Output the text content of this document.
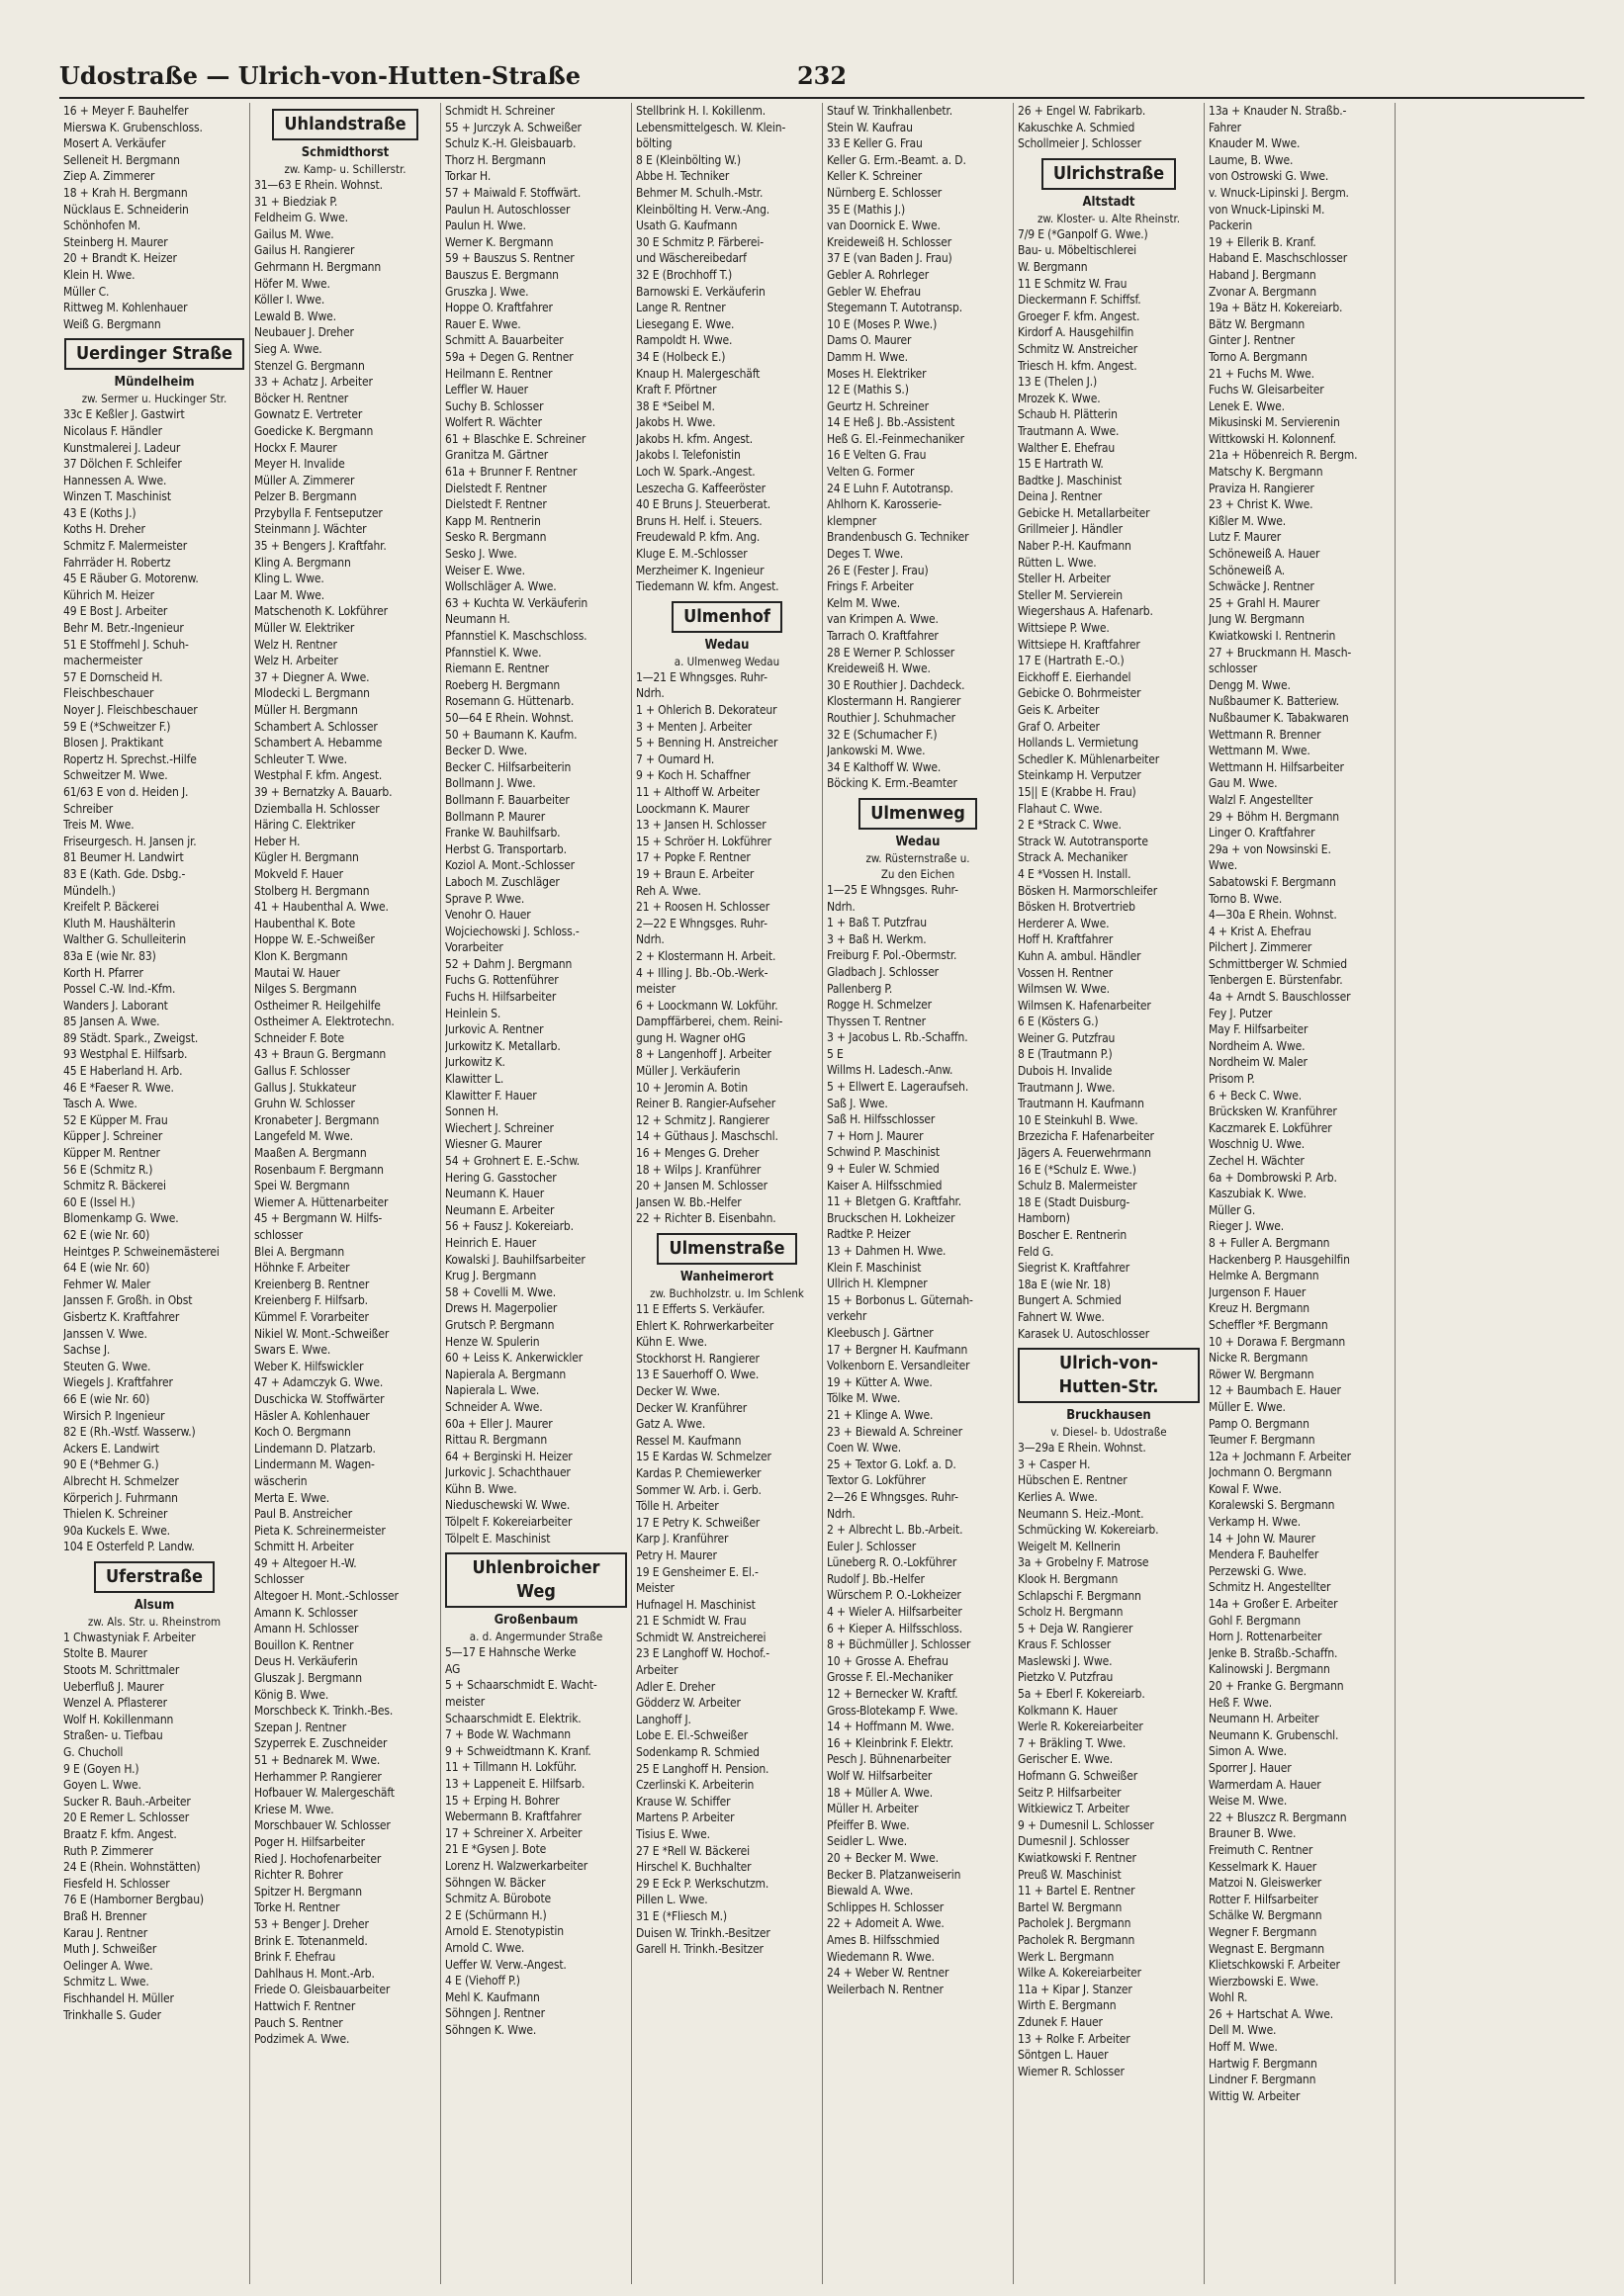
Udostraße — Ulrich-von-Hutten-Straße	232
16 + Meyer F. Bauhelfer
Mierswa K. Grubenschloss.
Mosert A. Verkäufer
Selleneit H. Bergmann
Ziep A. Zimmerer
18 + Krah H. Bergmann
Nücklaus E. Schneiderin
Schönhofen M.
Steinberg H. Maurer
20 + Brandt K. Heizer
Klein H. Wwe.
Müller C.
Rittweg M. Kohlenhauer
Weiß G. Bergmann
Uerdinger Straße
Mündelheim
zw. Sermer u. Huckinger Str.
33c E Keßler J. Gastwirt
Nicolaus F. Händler
Kunstmalerei J. Ladeur
37 Dölchen F. Schleifer
Hannessen A. Wwe.
Winzen T. Maschinist
43 E (Koths J.)
Koths H. Dreher
Schmitz F. Malermeister
Fahrräder H. Robertz
45 E Räuber G. Motorenw.
Kührich M. Heizer
49 E Bost J. Arbeiter
Behr M. Betr.-Ingenieur
51 E Stoffmehl J. Schuh-
machermeister
57 E Dornscheid H.
Fleischbeschauer
Noyer J. Fleischbeschauer
59 E (*Schweitzer F.)
Blosen J. Praktikant
Ropertz H. Sprechst.-Hilfe
Schweitzer M. Wwe.
61/63 E von d. Heiden J.
Schreiber
Treis M. Wwe.
Friseurgesch. H. Jansen jr.
81 Beumer H. Landwirt
83 E (Kath. Gde. Dsbg.-
Mündelh.)
Kreifelt P. Bäckerei
Kluth M. Haushälterin
Walther G. Schulleiterin
83a E (wie Nr. 83)
Korth H. Pfarrer
Possel C.-W. Ind.-Kfm.
Wanders J. Laborant
85 Jansen A. Wwe.
89 Städt. Spark., Zweigst.
93 Westphal E. Hilfsarb.
45 E Haberland H. Arb.
46 E *Faeser R. Wwe.
Tasch A. Wwe.
52 E Küpper M. Frau
Küpper J. Schreiner
Küpper M. Rentner
56 E (Schmitz R.)
Schmitz R. Bäckerei
60 E (Issel H.)
Blomenkamp G. Wwe.
62 E (wie Nr. 60)
Heintges P. Schweinemästerei
64 E (wie Nr. 60)
Fehmer W. Maler
Janssen F. Großh. in Obst
Gisbertz K. Kraftfahrer
Janssen V. Wwe.
Sachse J.
Steuten G. Wwe.
Wiegels J. Kraftfahrer
66 E (wie Nr. 60)
Wirsich P. Ingenieur
82 E (Rh.-Wstf. Wasserw.)
Ackers E. Landwirt
90 E (*Behmer G.)
Albrecht H. Schmelzer
Körperich J. Fuhrmann
Thielen K. Schreiner
90a Kuckels E. Wwe.
104 E Osterfeld P. Landw.
Uferstraße
Alsum
zw. Als. Str. u. Rheinstrom
1 Chwastyniak F. Arbeiter
Stolte B. Maurer
Stoots M. Schrittmaler
Ueberfluß J. Maurer
Wenzel A. Pflasterer
Wolf H. Kokillenmann
Straßen- u. Tiefbau
G. Chucholl
9 E (Goyen H.)
Goyen L. Wwe.
Sucker R. Bauh.-Arbeiter
20 E Remer L. Schlosser
Braatz F. kfm. Angest.
Ruth P. Zimmerer
24 E (Rhein. Wohnstätten)
Fiesfeld H. Schlosser
76 E (Hamborner Bergbau)
Braß H. Brenner
Karau J. Rentner
Muth J. Schweißer
Oelinger A. Wwe.
Schmitz L. Wwe.
Fischhandel H. Müller
Trinkhalle S. Guder
Uhlandstraße
Schmidthorst
zw. Kamp- u. Schillerstr.
31—63 E Rhein. Wohnst.
31 + Biedziak P.
Feldheim G. Wwe.
Gailus M. Wwe.
Gailus H. Rangierer
Gehrmann H. Bergmann
Höfer M. Wwe.
Köller I. Wwe.
Lewald B. Wwe.
Neubauer J. Dreher
Sieg A. Wwe.
Stenzel G. Bergmann
33 + Achatz J. Arbeiter
Böcker H. Rentner
Gownatz E. Vertreter
Goedicke K. Bergmann
Hockx F. Maurer
Meyer H. Invalide
Müller A. Zimmerer
Pelzer B. Bergmann
Przybylla F. Fentseputzer
Steinmann J. Wächter
35 + Bengers J. Kraftfahr.
Kling A. Bergmann
Kling L. Wwe.
Laar M. Wwe.
Matschenoth K. Lokführer
Müller W. Elektriker
Welz H. Rentner
Welz H. Arbeiter
37 + Diegner A. Wwe.
Mlodecki L. Bergmann
Müller H. Bergmann
Schambert A. Schlosser
Schambert A. Hebamme
Schleuter T. Wwe.
Westphal F. kfm. Angest.
39 + Bernatzky A. Bauarb.
Dziemballa H. Schlosser
Häring C. Elektriker
Heber H.
Kügler H. Bergmann
Mokveld F. Hauer
Stolberg H. Bergmann
41 + Haubenthal A. Wwe.
Haubenthal K. Bote
Hoppe W. E.-Schweißer
Klon K. Bergmann
Mautai W. Hauer
Nilges S. Bergmann
Ostheimer R. Heilgehilfe
Ostheimer A. Elektrotechn.
Schneider F. Bote
43 + Braun G. Bergmann
Gallus F. Schlosser
Gallus J. Stukkateur
Gruhn W. Schlosser
Kronabeter J. Bergmann
Langefeld M. Wwe.
Maaßen A. Bergmann
Rosenbaum F. Bergmann
Spei W. Bergmann
Wiemer A. Hüttenarbeiter
45 + Bergmann W. Hilfs-
schlosser
Blei A. Bergmann
Höhnke F. Arbeiter
Kreienberg B. Rentner
Kreienberg F. Hilfsarb.
Kümmel F. Vorarbeiter
Nikiel W. Mont.-Schweißer
Swars E. Wwe.
Weber K. Hilfswickler
47 + Adamczyk G. Wwe.
Duschicka W. Stoffwärter
Häsler A. Kohlenhauer
Koch O. Bergmann
Lindemann D. Platzarb.
Lindermann M. Wagen-
wäscherin
Merta E. Wwe.
Paul B. Anstreicher
Pieta K. Schreinermeister
Schmitt H. Arbeiter
49 + Altegoer H.-W.
Schlosser
Altegoer H. Mont.-Schlosser
Amann K. Schlosser
Amann H. Schlosser
Bouillon K. Rentner
Deus H. Verkäuferin
Gluszak J. Bergmann
König B. Wwe.
Morschbeck K. Trinkh.-Bes.
Szepan J. Rentner
Szyperrek E. Zuschneider
51 + Bednarek M. Wwe.
Herhammer P. Rangierer
Hofbauer W. Malergeschäft
Kriese M. Wwe.
Morschbauer W. Schlosser
Poger H. Hilfsarbeiter
Ried J. Hochofenarbeiter
Richter R. Bohrer
Spitzer H. Bergmann
Torke H. Rentner
53 + Benger J. Dreher
Brink E. Totenanmeld.
Brink F. Ehefrau
Dahlhaus H. Mont.-Arb.
Friede O. Gleisbauarbeiter
Hattwich F. Rentner
Pauch S. Rentner
Podzimek A. Wwe.
Schmidt H. Schreiner
55 + Jurczyk A. Schweißer
Schulz K.-H. Gleisbauarb.
Thorz H. Bergmann
Torkar H.
57 + Maiwald F. Stoffwärt.
Paulun H. Autoschlosser
Paulun H. Wwe.
Werner K. Bergmann
59 + Bauszus S. Rentner
Bauszus E. Bergmann
Gruszka J. Wwe.
Hoppe O. Kraftfahrer
Rauer E. Wwe.
Schmitt A. Bauarbeiter
59a + Degen G. Rentner
Heilmann E. Rentner
Leffler W. Hauer
Suchy B. Schlosser
Wolfert R. Wächter
61 + Blaschke E. Schreiner
Granitza M. Gärtner
61a + Brunner F. Rentner
Dielstedt F. Rentner
Dielstedt F. Rentner
Kapp M. Rentnerin
Sesko R. Bergmann
Sesko J. Wwe.
Weiser E. Wwe.
Wollschläger A. Wwe.
63 + Kuchta W. Verkäuferin
Neumann H.
Pfannstiel K. Maschschloss.
Pfannstiel K. Wwe.
Riemann E. Rentner
Roeberg H. Bergmann
Rosemann G. Hüttenarb.
50—64 E Rhein. Wohnst.
50 + Baumann K. Kaufm.
Becker D. Wwe.
Becker C. Hilfsarbeiterin
Bollmann J. Wwe.
Bollmann F. Bauarbeiter
Bollmann P. Maurer
Franke W. Bauhilfsarb.
Herbst G. Transportarb.
Koziol A. Mont.-Schlosser
Laboch M. Zuschläger
Sprave P. Wwe.
Venohr O. Hauer
Wojciechowski J. Schloss.-
Vorarbeiter
52 + Dahm J. Bergmann
Fuchs G. Rottenführer
Fuchs H. Hilfsarbeiter
Heinlein S.
Jurkovic A. Rentner
Jurkowitz K. Metallarb.
Jurkowitz K.
Klawitter L.
Klawitter F. Hauer
Sonnen H.
Wiechert J. Schreiner
Wiesner G. Maurer
54 + Grohnert E. E.-Schw.
Hering G. Gasstocher
Neumann K. Hauer
Neumann E. Arbeiter
56 + Fausz J. Kokereiarb.
Heinrich E. Hauer
Kowalski J. Bauhilfsarbeiter
Krug J. Bergmann
58 + Covelli M. Wwe.
Drews H. Magerpolier
Grutsch P. Bergmann
Henze W. Spulerin
60 + Leiss K. Ankerwickler
Napierala A. Bergmann
Napierala L. Wwe.
Schneider A. Wwe.
60a + Eller J. Maurer
Rittau R. Bergmann
64 + Berginski H. Heizer
Jurkovic J. Schachthauer
Kühn B. Wwe.
Nieduschewski W. Wwe.
Tölpelt F. Kokereiarbeiter
Tölpelt E. Maschinist
Uhlenbroicher Weg
Großenbaum
a. d. Angermunder Straße
5—17 E Hahnsche Werke
AG
5 + Schaarschmidt E. Wacht-
meister
Schaarschmidt E. Elektrik.
7 + Bode W. Wachmann
9 + Schweidtmann K. Kranf.
11 + Tillmann H. Lokführ.
13 + Lappeneit E. Hilfsarb.
15 + Erping H. Bohrer
Webermann B. Kraftfahrer
17 + Schreiner X. Arbeiter
21 E *Gysen J. Bote
Lorenz H. Walzwerkarbeiter
Söhngen W. Bäcker
Schmitz A. Bürobote
2 E (Schürmann H.)
Arnold E. Stenotypistin
Arnold C. Wwe.
Ueffer W. Verw.-Angest.
4 E (Viehoff P.)
Mehl K. Kaufmann
Söhngen J. Rentner
Söhngen K. Wwe.
Stellbrink H. I. Kokillenm.
Lebensmittelgesch. W. Klein-
bölting
8 E (Kleinbölting W.)
Abbe H. Techniker
Behmer M. Schulh.-Mstr.
Kleinbölting H. Verw.-Ang.
Usath G. Kaufmann
30 E Schmitz P. Färberei-
und Wäschereibedarf
32 E (Brochhoff T.)
Barnowski E. Verkäuferin
Lange R. Rentner
Liesegang E. Wwe.
Rampoldt H. Wwe.
34 E (Holbeck E.)
Knaup H. Malergeschäft
Kraft F. Pförtner
38 E *Seibel M.
Jakobs H. Wwe.
Jakobs H. kfm. Angest.
Jakobs I. Telefonistin
Loch W. Spark.-Angest.
Leszecha G. Kaffeeröster
40 E Bruns J. Steuerberat.
Bruns H. Helf. i. Steuers.
Freudewald P. kfm. Ang.
Kluge E. M.-Schlosser
Merzheimer K. Ingenieur
Tiedemann W. kfm. Angest.
Ulmenhof
Wedau
a. Ulmenweg Wedau
1—21 E Whngsges. Ruhr-
Ndrh.
1 + Ohlerich B. Dekorateur
3 + Menten J. Arbeiter
5 + Benning H. Anstreicher
7 + Oumard H.
9 + Koch H. Schaffner
11 + Althoff W. Arbeiter
Loockmann K. Maurer
13 + Jansen H. Schlosser
15 + Schröer H. Lokführer
17 + Popke F. Rentner
19 + Braun E. Arbeiter
Reh A. Wwe.
21 + Roosen H. Schlosser
2—22 E Whngsges. Ruhr-
Ndrh.
2 + Klostermann H. Arbeit.
4 + Illing J. Bb.-Ob.-Werk-
meister
6 + Loockmann W. Lokführ.
Dampffärberei, chem. Reini-
gung H. Wagner oHG
8 + Langenhoff J. Arbeiter
Müller J. Verkäuferin
10 + Jeromin A. Botin
Reiner B. Rangier-Aufseher
12 + Schmitz J. Rangierer
14 + Güthaus J. Maschschl.
16 + Menges G. Dreher
18 + Wilps J. Kranführer
20 + Jansen M. Schlosser
Jansen W. Bb.-Helfer
22 + Richter B. Eisenbahn.
Ulmenstraße
Wanheimerort
zw. Buchholzstr. u. Im Schlenk
11 E Efferts S. Verkäufer.
Ehlert K. Rohrwerkarbeiter
Kühn E. Wwe.
Stockhorst H. Rangierer
13 E Sauerhoff O. Wwe.
Decker W. Wwe.
Decker W. Kranführer
Gatz A. Wwe.
Ressel M. Kaufmann
15 E Kardas W. Schmelzer
Kardas P. Chemiewerker
Sommer W. Arb. i. Gerb.
Tölle H. Arbeiter
17 E Petry K. Schweißer
Karp J. Kranführer
Petry H. Maurer
19 E Gensheimer E. El.-
Meister
Hufnagel H. Maschinist
21 E Schmidt W. Frau
Schmidt W. Anstreicherei
23 E Langhoff W. Hochof.-
Arbeiter
Adler E. Dreher
Gödderz W. Arbeiter
Langhoff J.
Lobe E. El.-Schweißer
Sodenkamp R. Schmied
25 E Langhoff H. Pension.
Czerlinski K. Arbeiterin
Krause W. Schiffer
Martens P. Arbeiter
Tisius E. Wwe.
27 E *Rell W. Bäckerei
Hirschel K. Buchhalter
29 E Eck P. Werkschutzm.
Pillen L. Wwe.
31 E (*Fliesch M.)
Duisen W. Trinkh.-Besitzer
Garell H. Trinkh.-Besitzer
Stauf W. Trinkhallenbetr.
Stein W. Kaufrau
33 E Keller G. Frau
Keller G. Erm.-Beamt. a. D.
Keller K. Schreiner
Nürnberg E. Schlosser
35 E (Mathis J.)
van Doornick E. Wwe.
Kreideweiß H. Schlosser
37 E (van Baden J. Frau)
Gebler A. Rohrleger
Gebler W. Ehefrau
Stegemann T. Autotransp.
10 E (Moses P. Wwe.)
Dams O. Maurer
Damm H. Wwe.
Moses H. Elektriker
12 E (Mathis S.)
Geurtz H. Schreiner
14 E Heß J. Bb.-Assistent
Heß G. El.-Feinmechaniker
16 E Velten G. Frau
Velten G. Former
24 E Luhn F. Autotransp.
Ahlhorn K. Karosserie-
klempner
Brandenbusch G. Techniker
Deges T. Wwe.
26 E (Fester J. Frau)
Frings F. Arbeiter
Kelm M. Wwe.
van Krimpen A. Wwe.
Tarrach O. Kraftfahrer
28 E Werner P. Schlosser
Kreideweiß H. Wwe.
30 E Routhier J. Dachdeck.
Klostermann H. Rangierer
Routhier J. Schuhmacher
32 E (Schumacher F.)
Jankowski M. Wwe.
34 E Kalthoff W. Wwe.
Böcking K. Erm.-Beamter
Ulmenweg
Wedau
zw. Rüsternstraße u.
Zu den Eichen
1—25 E Whngsges. Ruhr-
Ndrh.
1 + Baß T. Putzfrau
3 + Baß H. Werkm.
Freiburg F. Pol.-Obermstr.
Gladbach J. Schlosser
Pallenberg P.
Rogge H. Schmelzer
Thyssen T. Rentner
3 + Jacobus L. Rb.-Schaffn.
5 E
Willms H. Ladesch.-Anw.
5 + Ellwert E. Lageraufseh.
Saß J. Wwe.
Saß H. Hilfsschlosser
7 + Horn J. Maurer
Schwind P. Maschinist
9 + Euler W. Schmied
Kaiser A. Hilfsschmied
11 + Bletgen G. Kraftfahr.
Bruckschen H. Lokheizer
Radtke P. Heizer
13 + Dahmen H. Wwe.
Klein F. Maschinist
Ullrich H. Klempner
15 + Borbonus L. Güternah-
verkehr
Kleebusch J. Gärtner
17 + Bergner H. Kaufmann
Volkenborn E. Versandleiter
19 + Kütter A. Wwe.
Tölke M. Wwe.
21 + Klinge A. Wwe.
23 + Biewald A. Schreiner
Coen W. Wwe.
25 + Textor G. Lokf. a. D.
Textor G. Lokführer
2—26 E Whngsges. Ruhr-
Ndrh.
2 + Albrecht L. Bb.-Arbeit.
Euler J. Schlosser
Lüneberg R. O.-Lokführer
Rudolf J. Bb.-Helfer
Würschem P. O.-Lokheizer
4 + Wieler A. Hilfsarbeiter
6 + Kieper A. Hilfsschloss.
8 + Büchmüller J. Schlosser
10 + Grosse A. Ehefrau
Grosse F. El.-Mechaniker
12 + Bernecker W. Kraftf.
Gross-Blotekamp F. Wwe.
14 + Hoffmann M. Wwe.
16 + Kleinbrink F. Elektr.
Pesch J. Bühnenarbeiter
Wolf W. Hilfsarbeiter
18 + Müller A. Wwe.
Müller H. Arbeiter
Pfeiffer B. Wwe.
Seidler L. Wwe.
20 + Becker M. Wwe.
Becker B. Platzanweiserin
Biewald A. Wwe.
Schlippes H. Schlosser
22 + Adomeit A. Wwe.
Ames B. Hilfsschmied
Wiedemann R. Wwe.
24 + Weber W. Rentner
Weilerbach N. Rentner
26 + Engel W. Fabrikarb.
Kakuschke A. Schmied
Schollmeier J. Schlosser
Ulrichstraße
Altstadt
zw. Kloster- u. Alte Rheinstr.
7/9 E (*Ganpolf G. Wwe.)
Bau- u. Möbeltischlerei
W. Bergmann
11 E Schmitz W. Frau
Dieckermann F. Schiffsf.
Groeger F. kfm. Angest.
Kirdorf A. Hausgehilfin
Schmitz W. Anstreicher
Triesch H. kfm. Angest.
13 E (Thelen J.)
Mrozek K. Wwe.
Schaub H. Plätterin
Trautmann A. Wwe.
Walther E. Ehefrau
15 E Hartrath W.
Badtke J. Maschinist
Deina J. Rentner
Gebicke H. Metallarbeiter
Grillmeier J. Händler
Naber P.-H. Kaufmann
Rütten L. Wwe.
Steller H. Arbeiter
Steller M. Servierein
Wiegershaus A. Hafenarb.
Wittsiepe P. Wwe.
Wittsiepe H. Kraftfahrer
17 E (Hartrath E.-O.)
Eickhoff E. Eierhandel
Gebicke O. Bohrmeister
Geis K. Arbeiter
Graf O. Arbeiter
Hollands L. Vermietung
Schedler K. Mühlenarbeiter
Steinkamp H. Verputzer
15|| E (Krabbe H. Frau)
Flahaut C. Wwe.
2 E *Strack C. Wwe.
Strack W. Autotransporte
Strack A. Mechaniker
4 E *Vossen H. Install.
Bösken H. Marmorschleifer
Bösken H. Brotvertrieb
Herderer A. Wwe.
Hoff H. Kraftfahrer
Kuhn A. ambul. Händler
Vossen H. Rentner
Wilmsen W. Wwe.
Wilmsen K. Hafenarbeiter
6 E (Kösters G.)
Weiner G. Putzfrau
8 E (Trautmann P.)
Dubois H. Invalide
Trautmann J. Wwe.
Trautmann H. Kaufmann
10 E Steinkuhl B. Wwe.
Brzezicha F. Hafenarbeiter
Jägers A. Feuerwehrmann
16 E (*Schulz E. Wwe.)
Schulz B. Malermeister
18 E (Stadt Duisburg-
Hamborn)
Boscher E. Rentnerin
Feld G.
Siegrist K. Kraftfahrer
18a E (wie Nr. 18)
Bungert A. Schmied
Fahnert W. Wwe.
Karasek U. Autoschlosser
Ulrich-von-Hutten-Str.
Bruckhausen
v. Diesel- b. Udostraße
3—29a E Rhein. Wohnst.
3 + Casper H.
Hübschen E. Rentner
Kerlies A. Wwe.
Neumann S. Heiz.-Mont.
Schmücking W. Kokereiarb.
Weigelt M. Kellnerin
3a + Grobelny F. Matrose
Klook H. Bergmann
Schlapschi F. Bergmann
Scholz H. Bergmann
5 + Deja W. Rangierer
Kraus F. Schlosser
Maslewski J. Wwe.
Pietzko V. Putzfrau
5a + Eberl F. Kokereiarb.
Kolkmann K. Hauer
Werle R. Kokereiarbeiter
7 + Bräkling T. Wwe.
Gerischer E. Wwe.
Hofmann G. Schweißer
Seitz P. Hilfsarbeiter
Witkiewicz T. Arbeiter
9 + Dumesnil L. Schlosser
Dumesnil J. Schlosser
Kwiatkowski F. Rentner
Preuß W. Maschinist
11 + Bartel E. Rentner
Bartel W. Bergmann
Pacholek J. Bergmann
Pacholek R. Bergmann
Werk L. Bergmann
Wilke A. Kokereiarbeiter
11a + Kipar J. Stanzer
Wirth E. Bergmann
Zdunek F. Hauer
13 + Rolke F. Arbeiter
Söntgen L. Hauer
Wiemer R. Schlosser
13a + Knauder N. Straßb.-
Fahrer
Knauder M. Wwe.
Laume, B. Wwe.
von Ostrowski G. Wwe.
v. Wnuck-Lipinski J. Bergm.
von Wnuck-Lipinski M.
Packerin
19 + Ellerik B. Kranf.
Haband E. Maschschlosser
Haband J. Bergmann
Zvonar A. Bergmann
19a + Bätz H. Kokereiarb.
Bätz W. Bergmann
Ginter J. Rentner
Torno A. Bergmann
21 + Fuchs M. Wwe.
Fuchs W. Gleisarbeiter
Lenek E. Wwe.
Mikusinski M. Servierenin
Wittkowski H. Kolonnenf.
21a + Höbenreich R. Bergm.
Matschy K. Bergmann
Praviza H. Rangierer
23 + Christ K. Wwe.
Kißler M. Wwe.
Lutz F. Maurer
Schöneweiß A. Hauer
Schöneweiß A.
Schwäcke J. Rentner
25 + Grahl H. Maurer
Jung W. Bergmann
Kwiatkowski I. Rentnerin
27 + Bruckmann H. Masch-
schlosser
Dengg M. Wwe.
Nußbaumer K. Batteriew.
Nußbaumer K. Tabakwaren
Wettmann R. Brenner
Wettmann M. Wwe.
Wettmann H. Hilfsarbeiter
Gau M. Wwe.
Walzl F. Angestellter
29 + Böhm H. Bergmann
Linger O. Kraftfahrer
29a + von Nowsinski E.
Wwe.
Sabatowski F. Bergmann
Torno B. Wwe.
4—30a E Rhein. Wohnst.
4 + Krist A. Ehefrau
Pilchert J. Zimmerer
Schmittberger W. Schmied
Tenbergen E. Bürstenfabr.
4a + Arndt S. Bauschlosser
Fey J. Putzer
May F. Hilfsarbeiter
Nordheim A. Wwe.
Nordheim W. Maler
Prisom P.
6 + Beck C. Wwe.
Brücksken W. Kranführer
Kaczmarek E. Lokführer
Woschnig U. Wwe.
Zechel H. Wächter
6a + Dombrowski P. Arb.
Kaszubiak K. Wwe.
Müller G.
Rieger J. Wwe.
8 + Fuller A. Bergmann
Hackenberg P. Hausgehilfin
Helmke A. Bergmann
Jurgenson F. Hauer
Kreuz H. Bergmann
Scheffler *F. Bergmann
10 + Dorawa F. Bergmann
Nicke R. Bergmann
Röwer W. Bergmann
12 + Baumbach E. Hauer
Müller E. Wwe.
Pamp O. Bergmann
Teumer F. Bergmann
12a + Jochmann F. Arbeiter
Jochmann O. Bergmann
Kowal F. Wwe.
Koralewski S. Bergmann
Verkamp H. Wwe.
14 + John W. Maurer
Mendera F. Bauhelfer
Perzewski G. Wwe.
Schmitz H. Angestellter
14a + Großer E. Arbeiter
Gohl F. Bergmann
Horn J. Rottenarbeiter
Jenke B. Straßb.-Schaffn.
Kalinowski J. Bergmann
20 + Franke G. Bergmann
Heß F. Wwe.
Neumann H. Arbeiter
Neumann K. Grubenschl.
Simon A. Wwe.
Sporrer J. Hauer
Warmerdam A. Hauer
Weise M. Wwe.
22 + Bluszcz R. Bergmann
Brauner B. Wwe.
Freimuth C. Rentner
Kesselmark K. Hauer
Matzoi N. Gleiswerker
Rotter F. Hilfsarbeiter
Schälke W. Bergmann
Wegner F. Bergmann
Wegnast E. Bergmann
Klietschkowski F. Arbeiter
Wierzbowski E. Wwe.
Wohl R.
26 + Hartschat A. Wwe.
Dell M. Wwe.
Hoff M. Wwe.
Hartwig F. Bergmann
Lindner F. Bergmann
Wittig W. Arbeiter
